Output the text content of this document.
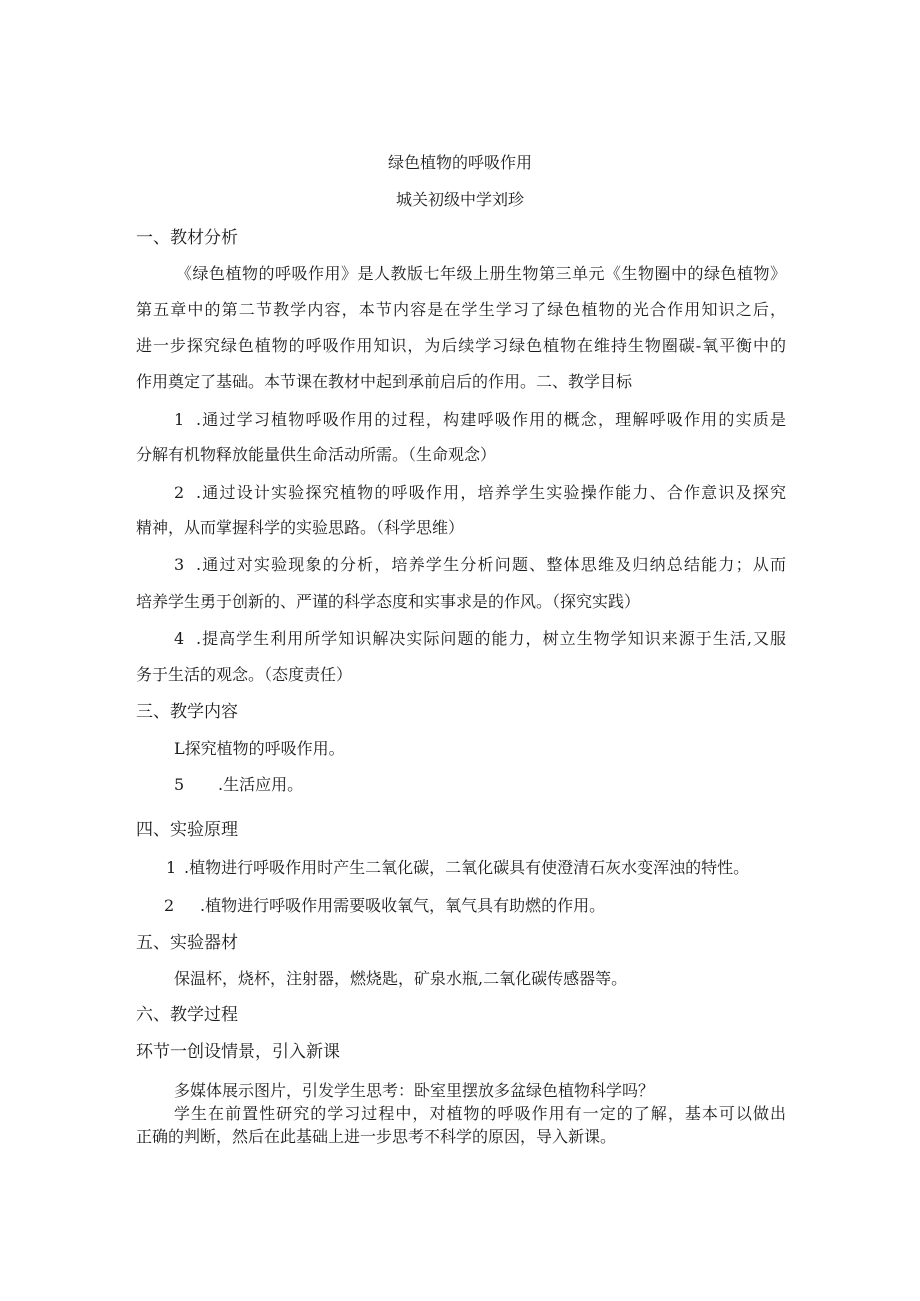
绿色植物的呼吸作用
城关初级中学刘珍
一、教材分析
《绿色植物的呼吸作用》是人教版七年级上册生物第三单元《生物圈中的绿色植物》
第五章中的第二节教学内容，本节内容是在学生学习了绿色植物的光合作用知识之后，
进一步探究绿色植物的呼吸作用知识，为后续学习绿色植物在维持生物圈碳-氧平衡中的
作用奠定了基础。本节课在教材中起到承前启后的作用。二、教学目标
1 .通过学习植物呼吸作用的过程，构建呼吸作用的概念，理解呼吸作用的实质是
分解有机物释放能量供生命活动所需。（生命观念）
2 .通过设计实验探究植物的呼吸作用，培养学生实验操作能力、合作意识及探究
精神，从而掌握科学的实验思路。（科学思维）
3 .通过对实验现象的分析，培养学生分析问题、整体思维及归纳总结能力；从而
培养学生勇于创新的、严谨的科学态度和实事求是的作风。（探究实践）
4 .提高学生利用所学知识解决实际问题的能力，树立生物学知识来源于生活,又服
务于生活的观念。（态度责任）
三、教学内容
L探究植物的呼吸作用。
5 .生活应用。
四、实验原理
1 .植物进行呼吸作用时产生二氧化碳，二氧化碳具有使澄清石灰水变浑浊的特性。
2 .植物进行呼吸作用需要吸收氧气，氧气具有助燃的作用。
五、实验器材
保温杯，烧杯，注射器，燃烧匙，矿泉水瓶,二氧化碳传感器等。
六、教学过程
环节一创设情景，引入新课
多媒体展示图片，引发学生思考：卧室里摆放多盆绿色植物科学吗？
学生在前置性研究的学习过程中，对植物的呼吸作用有一定的了解，基本可以做出
正确的判断，然后在此基础上进一步思考不科学的原因，导入新课。
